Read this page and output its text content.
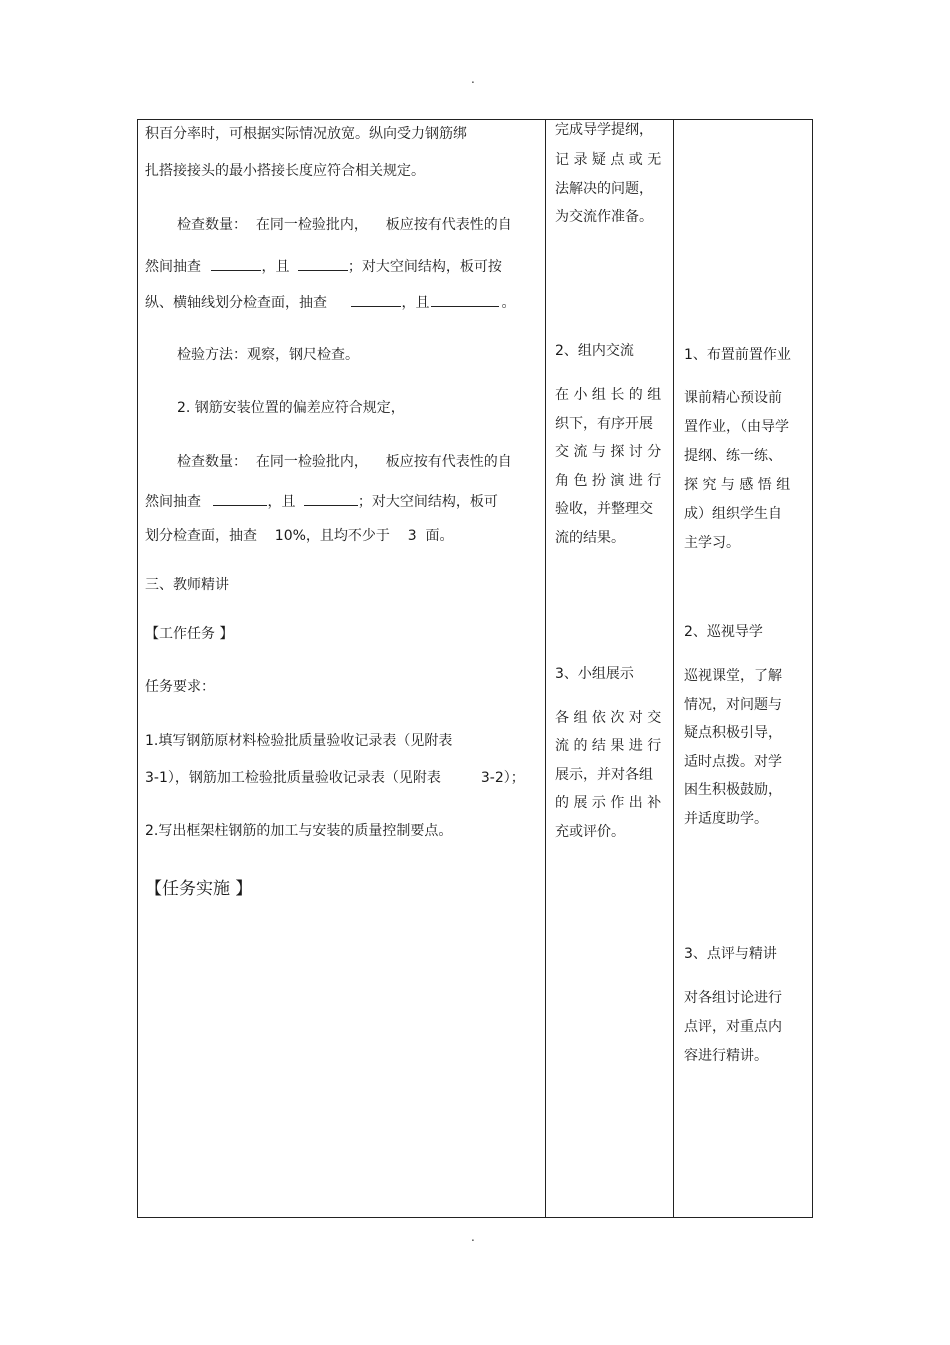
.
积百分率时，可根据实际情况放宽。纵向受力钢筋绑
扎搭接接头的最小搭接长度应符合相关规定。
检查数量：  在同一检验批内，    板应按有代表性的自
然间抽查	，且	；对大空间结构，板可按
纵、横轴线划分检查面，抽查	，且	。
检验方法：观察，钢尺检查。
2. 钢筋安装位置的偏差应符合规定，
检查数量：  在同一检验批内，    板应按有代表性的自
然间抽查	，且	；对大空间结构，板可
划分检查面，抽查    10%，且均不少于    3  面。
三、教师精讲
【工作任务 】
任务要求：
1.填写钢筋原材料检验批质量验收记录表（见附表
3-1），钢筋加工检验批质量验收记录表（见附表	3-2）；
2.写出框架柱钢筋的加工与安装的质量控制要点。
【任务实施 】
完成导学提纲，
记 录 疑 点 或 无
法解决的问题，
为交流作准备。
2、组内交流
在 小 组 长 的 组
织下，有序开展
交 流 与 探 讨 分
角 色 扮 演 进 行
验收，并整理交
流的结果。
3、小组展示
各 组 依 次 对 交
流 的 结 果 进 行
展示，并对各组
的 展 示 作 出 补
充或评价。
1、布置前置作业
课前精心预设前
置作业，（由导学
提纲、练一练、
探 究 与 感 悟 组
成）组织学生自
主学习。
2、巡视导学
巡视课堂，了解
情况，对问题与
疑点积极引导，
适时点拨。对学
困生积极鼓励，
并适度助学。
3、点评与精讲
对各组讨论进行
点评，对重点内
容进行精讲。
.
